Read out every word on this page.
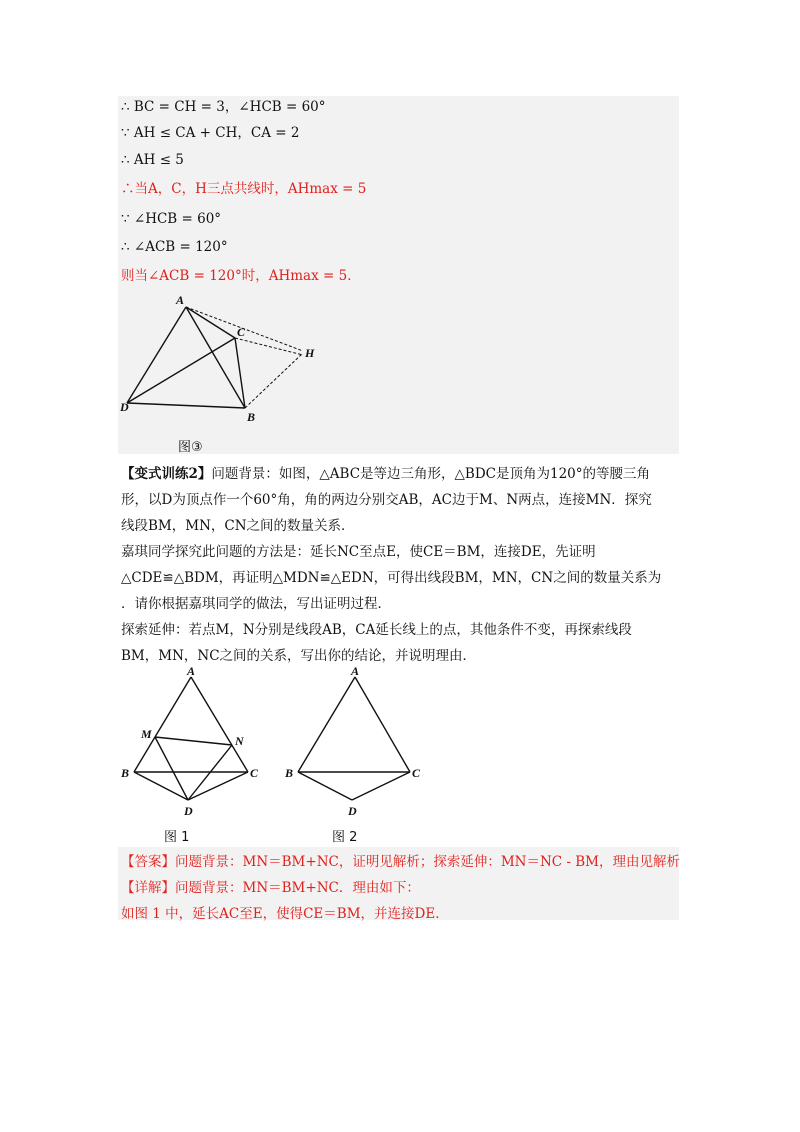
∴ BC = CH = 3，∠HCB = 60°
∵ AH ≤ CA + CH，CA = 2
∴ AH ≤ 5
∴当A，C，H三点共线时，AHmax = 5
∵ ∠HCB = 60°
∴ ∠ACB = 120°
则当∠ACB = 120°时，AHmax = 5．
A
C
H
D
B
图③
【变式训练2】问题背景：如图，△ABC是等边三角形，△BDC是顶角为120°的等腰三角
形，以D为顶点作一个60°角，角的两边分别交AB，AC边于M、N两点，连接MN．探究
线段BM，MN，CN之间的数量关系．
嘉琪同学探究此问题的方法是：延长NC至点E，使CE＝BM，连接DE，先证明
△CDE≌△BDM，再证明△MDN≌△EDN，可得出线段BM，MN，CN之间的数量关系为
．请你根据嘉琪同学的做法，写出证明过程．
探索延伸：若点M，N分别是线段AB，CA延长线上的点，其他条件不变，再探索线段
BM，MN，NC之间的关系，写出你的结论，并说明理由．
A
M	N
B	C
D
图 1
A
B	C
D
图 2
【答案】问题背景：MN＝BM+NC，证明见解析；探索延伸：MN＝NC - BM，理由见解析
【详解】问题背景：MN＝BM+NC．理由如下：
如图 1 中，延长AC至E，使得CE＝BM，并连接DE．
